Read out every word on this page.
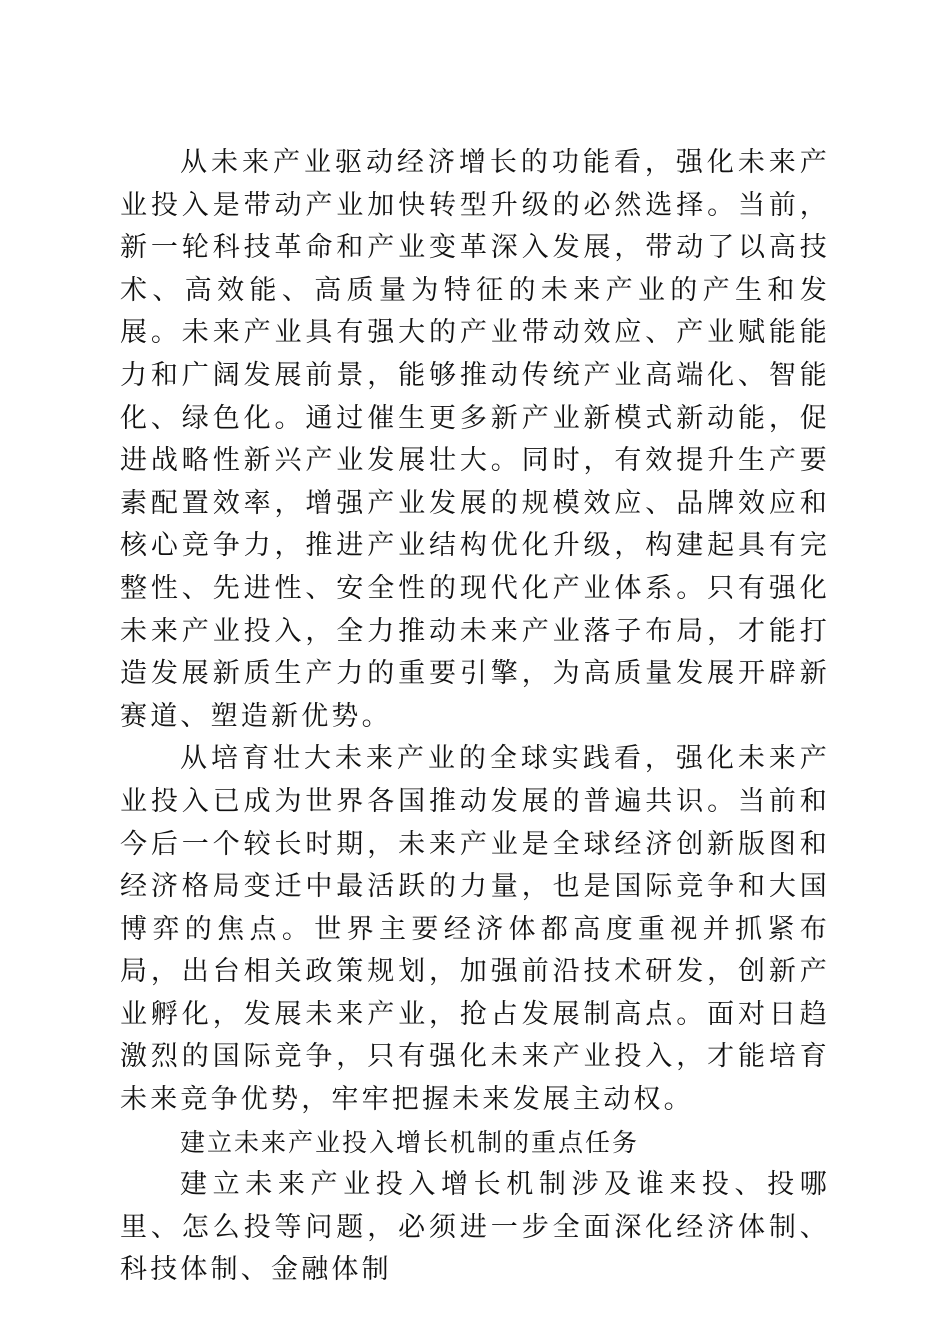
从未来产业驱动经济增长的功能看，强化未来产业投入是带动产业加快转型升级的必然选择。当前，新一轮科技革命和产业变革深入发展，带动了以高技术、高效能、高质量为特征的未来产业的产生和发展。未来产业具有强大的产业带动效应、产业赋能能力和广阔发展前景，能够推动传统产业高端化、智能化、绿色化。通过催生更多新产业新模式新动能，促进战略性新兴产业发展壮大。同时，有效提升生产要素配置效率，增强产业发展的规模效应、品牌效应和核心竞争力，推进产业结构优化升级，构建起具有完整性、先进性、安全性的现代化产业体系。只有强化未来产业投入，全力推动未来产业落子布局，才能打造发展新质生产力的重要引擎，为高质量发展开辟新赛道、塑造新优势。

从培育壮大未来产业的全球实践看，强化未来产业投入已成为世界各国推动发展的普遍共识。当前和今后一个较长时期，未来产业是全球经济创新版图和经济格局变迁中最活跃的力量，也是国际竞争和大国博弈的焦点。世界主要经济体都高度重视并抓紧布局，出台相关政策规划，加强前沿技术研发，创新产业孵化，发展未来产业，抢占发展制高点。面对日趋激烈的国际竞争，只有强化未来产业投入，才能培育未来竞争优势，牢牢把握未来发展主动权。

建立未来产业投入增长机制的重点任务

建立未来产业投入增长机制涉及谁来投、投哪里、怎么投等问题，必须进一步全面深化经济体制、科技体制、金融体制
